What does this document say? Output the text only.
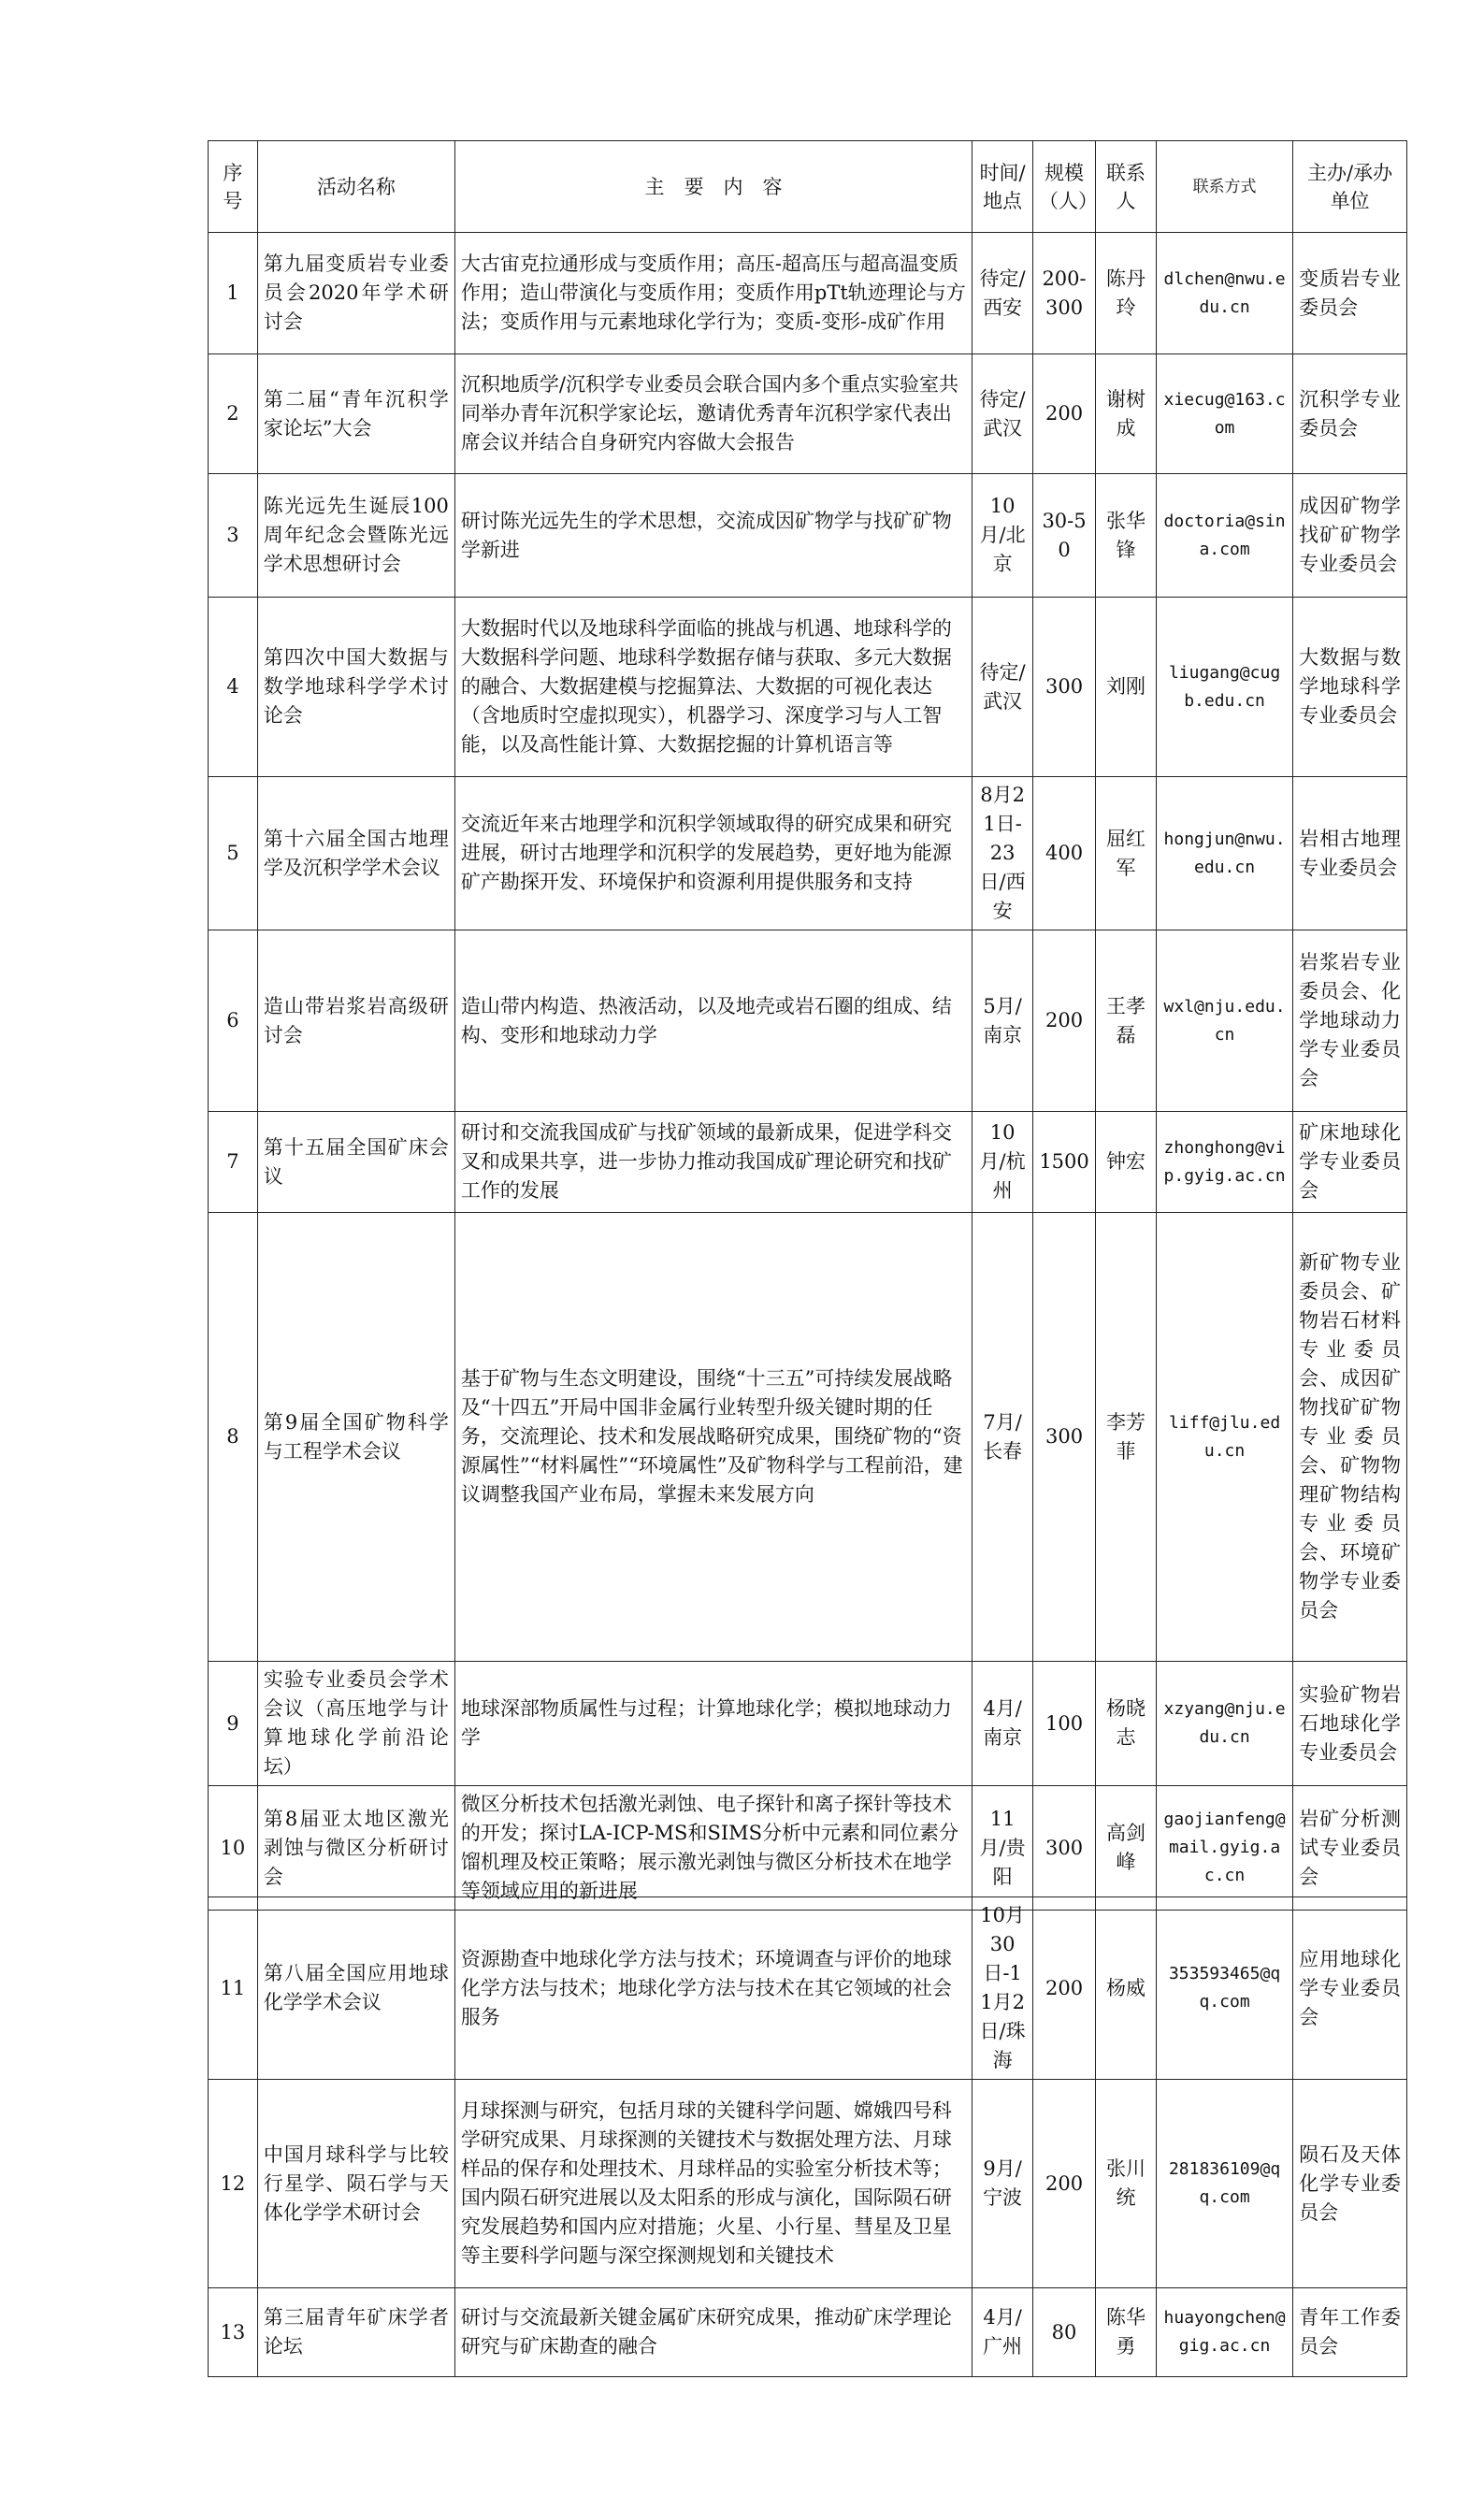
序号	活动名称	主　要　内　容	时间/地点	规模（人）	联系人	联系方式	主办/承办单位
1	第九届变质岩专业委员会2020年学术研讨会	大古宙克拉通形成与变质作用；高压-超高压与超高温变质作用；造山带演化与变质作用；变质作用pTt轨迹理论与方法；变质作用与元素地球化学行为；变质-变形-成矿作用	待定/西安	200-300	陈丹玲	dlchen@nwu.edu.cn	变质岩专业委员会
2	第二届“青年沉积学家论坛”大会	沉积地质学/沉积学专业委员会联合国内多个重点实验室共同举办青年沉积学家论坛，邀请优秀青年沉积学家代表出席会议并结合自身研究内容做大会报告	待定/武汉	200	谢树成	xiecug@163.com	沉积学专业委员会
3	陈光远先生诞辰100周年纪念会暨陈光远学术思想研讨会	研讨陈光远先生的学术思想，交流成因矿物学与找矿矿物学新进	10月/北京	30-50	张华锋	doctoria@sina.com	成因矿物学找矿矿物学专业委员会
4	第四次中国大数据与数学地球科学学术讨论会	大数据时代以及地球科学面临的挑战与机遇、地球科学的大数据科学问题、地球科学数据存储与获取、多元大数据的融合、大数据建模与挖掘算法、大数据的可视化表达（含地质时空虚拟现实），机器学习、深度学习与人工智能，以及高性能计算、大数据挖掘的计算机语言等	待定/武汉	300	刘刚	liugang@cugb.edu.cn	大数据与数学地球科学专业委员会
5	第十六届全国古地理学及沉积学学术会议	交流近年来古地理学和沉积学领域取得的研究成果和研究进展，研讨古地理学和沉积学的发展趋势，更好地为能源矿产勘探开发、环境保护和资源利用提供服务和支持	8月21日-23日/西安	400	屈红军	hongjun@nwu.edu.cn	岩相古地理专业委员会
6	造山带岩浆岩高级研讨会	造山带内构造、热液活动，以及地壳或岩石圈的组成、结构、变形和地球动力学	5月/南京	200	王孝磊	wxl@nju.edu.cn	岩浆岩专业委员会、化学地球动力学专业委员会
7	第十五届全国矿床会议	研讨和交流我国成矿与找矿领域的最新成果，促进学科交叉和成果共享，进一步协力推动我国成矿理论研究和找矿工作的发展	10月/杭州	1500	钟宏	zhonghong@vip.gyig.ac.cn	矿床地球化学专业委员会
8	第9届全国矿物科学与工程学术会议	基于矿物与生态文明建设，围绕“十三五”可持续发展战略及“十四五”开局中国非金属行业转型升级关键时期的任务，交流理论、技术和发展战略研究成果，围绕矿物的“资源属性”“材料属性”“环境属性”及矿物科学与工程前沿，建议调整我国产业布局，掌握未来发展方向	7月/长春	300	李芳菲	liff@jlu.edu.cn	新矿物专业委员会、矿物岩石材料专业委员会、成因矿物找矿矿物专业委员会、矿物物理矿物结构专业委员会、环境矿物学专业委员会
9	实验专业委员会学术会议（高压地学与计算地球化学前沿论坛）	地球深部物质属性与过程；计算地球化学；模拟地球动力学	4月/南京	100	杨晓志	xzyang@nju.edu.cn	实验矿物岩石地球化学专业委员会
10	第8届亚太地区激光剥蚀与微区分析研讨会	微区分析技术包括激光剥蚀、电子探针和离子探针等技术的开发；探讨LA-ICP-MS和SIMS分析中元素和同位素分馏机理及校正策略；展示激光剥蚀与微区分析技术在地学等领域应用的新进展	11月/贵阳	300	高剑峰	gaojianfeng@mail.gyig.ac.cn	岩矿分析测试专业委员会
11	第八届全国应用地球化学学术会议	资源勘查中地球化学方法与技术；环境调查与评价的地球化学方法与技术；地球化学方法与技术在其它领域的社会服务	10月30日-11月2日/珠海	200	杨威	353593465@qq.com	应用地球化学专业委员会
12	中国月球科学与比较行星学、陨石学与天体化学学术研讨会	月球探测与研究，包括月球的关键科学问题、嫦娥四号科学研究成果、月球探测的关键技术与数据处理方法、月球样品的保存和处理技术、月球样品的实验室分析技术等；国内陨石研究进展以及太阳系的形成与演化，国际陨石研究发展趋势和国内应对措施；火星、小行星、彗星及卫星等主要科学问题与深空探测规划和关键技术	9月/宁波	200	张川统	281836109@qq.com	陨石及天体化学专业委员会
13	第三届青年矿床学者论坛	研讨与交流最新关键金属矿床研究成果，推动矿床学理论研究与矿床勘查的融合	4月/广州	80	陈华勇	huayongchen@gig.ac.cn	青年工作委员会
